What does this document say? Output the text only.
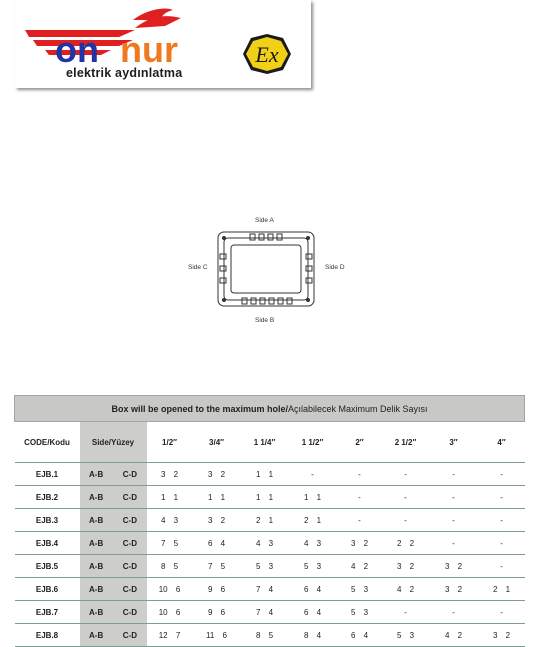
on nur	Ex
elektrik aydınlatma
Side A
Side B
Side C	Side D
Box will be opened to the maximum hole/Açılabilecek Maximum Delik Sayısı									
CODE/Kodu	Side/Yüzey	1/2″	3/4″	1 1/4″	1 1/2″	2″	2 1/2″	3″	4″
EJB.1	A-B C-D	3 2	3 2	1 1	-	-	-	-	-
EJB.2	A-B C-D	1 1	1 1	1 1	1 1	-	-	-	-
EJB.3	A-B C-D	4 3	3 2	2 1	2 1	-	-	-	-
EJB.4	A-B C-D	7 5	6 4	4 3	4 3	3 2	2 2	-	-
EJB.5	A-B C-D	8 5	7 5	5 3	5 3	4 2	3 2	3 2	-
EJB.6	A-B C-D	10 6	9 6	7 4	6 4	5 3	4 2	3 2	2 1
EJB.7	A-B C-D	10 6	9 6	7 4	6 4	5 3	-	-	-
EJB.8	A-B C-D	12 7	11 6	8 5	8 4	6 4	5 3	4 2	3 2
